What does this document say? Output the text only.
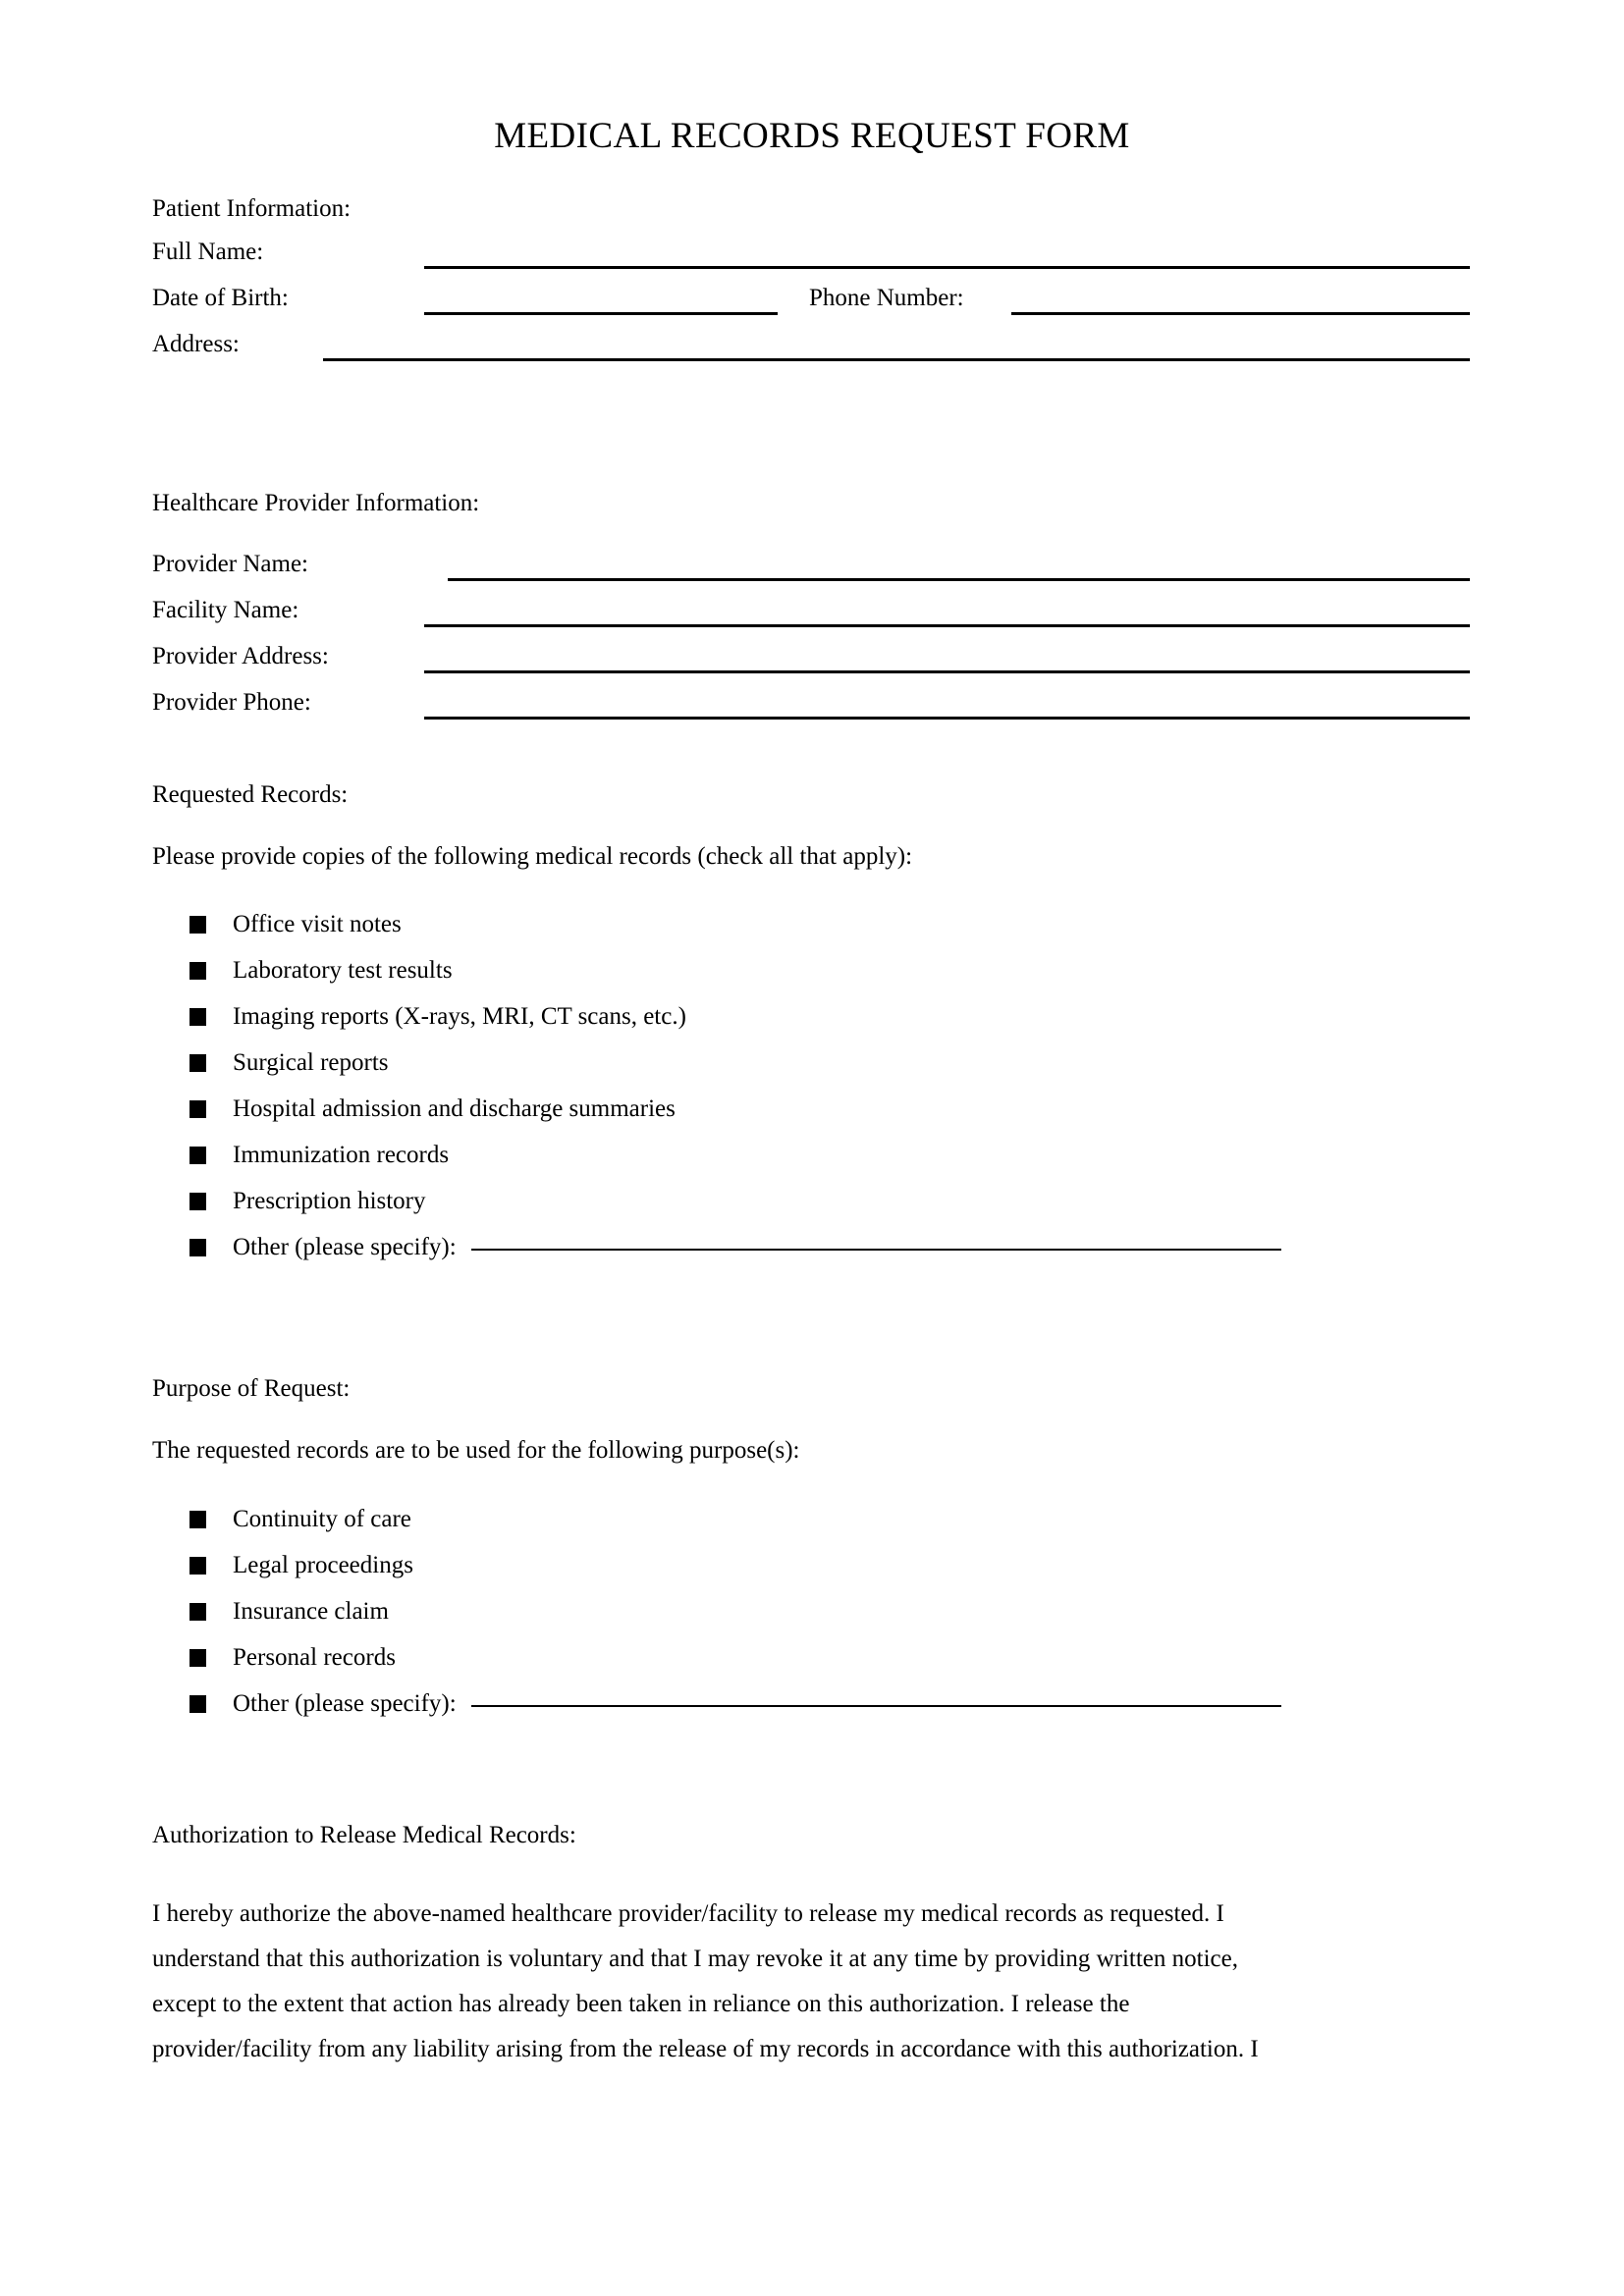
MEDICAL RECORDS REQUEST FORM
Patient Information:
Full Name:
Date of Birth:	Phone Number:
Address:
Healthcare Provider Information:
Provider Name:
Facility Name:
Provider Address:
Provider Phone:
Requested Records:
Please provide copies of the following medical records (check all that apply):
Office visit notes
Laboratory test results
Imaging reports (X-rays, MRI, CT scans, etc.)
Surgical reports
Hospital admission and discharge summaries
Immunization records
Prescription history
Other (please specify):
Purpose of Request:
The requested records are to be used for the following purpose(s):
Continuity of care
Legal proceedings
Insurance claim
Personal records
Other (please specify):
Authorization to Release Medical Records:
I hereby authorize the above-named healthcare provider/facility to release my medical records as requested. I
understand that this authorization is voluntary and that I may revoke it at any time by providing written notice,
except to the extent that action has already been taken in reliance on this authorization. I release the
provider/facility from any liability arising from the release of my records in accordance with this authorization. I
